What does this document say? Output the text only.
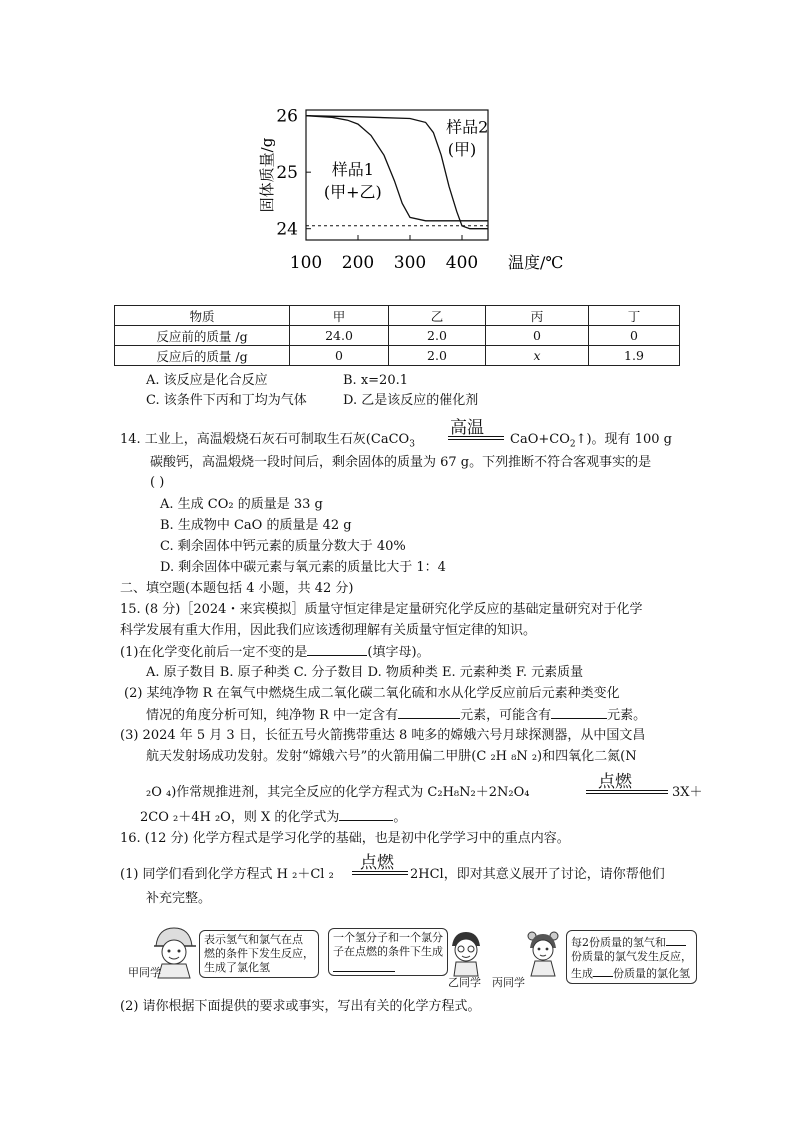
26
25
24
100 200 300 400 温度/℃
固体质量/g	样品1
(甲+乙)
样品2
(甲)
物质	甲	乙	丙	丁
反应前的质量 /g	24.0	2.0	0	0
反应后的质量 /g	0	2.0	x	1.9
A. 该反应是化合反应	B. x=20.1
C. 该条件下丙和丁均为气体	D. 乙是该反应的催化剂
高温
14. 工业上，高温煅烧石灰石可制取生石灰(CaCO$_3$	$CaO+CO_2↑$)。现有 100 g
碳酸钙，高温煅烧一段时间后，剩余固体的质量为 67 g。下列推断不符合客观事实的是
( )
A. 生成 CO₂ 的质量是 33 g
B. 生成物中 CaO 的质量是 42 g
C. 剩余固体中钙元素的质量分数大于 40%
D. 剩余固体中碳元素与氧元素的质量比大于 1：4
二、填空题(本题包括 4 小题，共 42 分)
15. (8 分)［2024・来宾模拟］质量守恒定律是定量研究化学反应的基础定量研究对于化学
科学发展有重大作用，因此我们应该透彻理解有关质量守恒定律的知识。
(1)在化学变化前后一定不变的是	(填字母)。
A. 原子数目 B. 原子种类 C. 分子数目 D. 物质种类 E. 元素种类 F. 元素质量
(2) 某纯净物 R 在氧气中燃烧生成二氧化碳二氧化硫和水从化学反应前后元素种类变化
情况的角度分析可知，纯净物 R 中一定含有	元素，可能含有	元素。
(3) 2024 年 5 月 3 日，长征五号火箭携带重达 8 吨多的嫦娥六号月球探测器，从中国文昌
航天发射场成功发射。发射“嫦娥六号”的火箭用偏二甲肼(C ₂H ₈N ₂)和四氧化二氮(N
点燃
₂O ₄)作常规推进剂，其完全反应的化学方程式为 C₂H₈N₂＋2N₂O₄	3X＋
2CO ₂＋4H ₂O，则 X 的化学式为	。
16. (12 分) 化学方程式是学习化学的基础，也是初中化学学习中的重点内容。
点燃
(1) 同学们看到化学方程式 H ₂＋Cl ₂	2HCl，即对其意义展开了讨论，请你帮他们
补充完整。
甲同学
表示氢气和氯气在点
燃的条件下发生反应，
生成了氯化氢
一个氢分子和一个氯分
子在点燃的条件下生成
乙同学 丙同学
每2份质量的氢气和
份质量的氯气发生反应，
生成 份质量的氯化氢
(2) 请你根据下面提供的要求或事实，写出有关的化学方程式。
